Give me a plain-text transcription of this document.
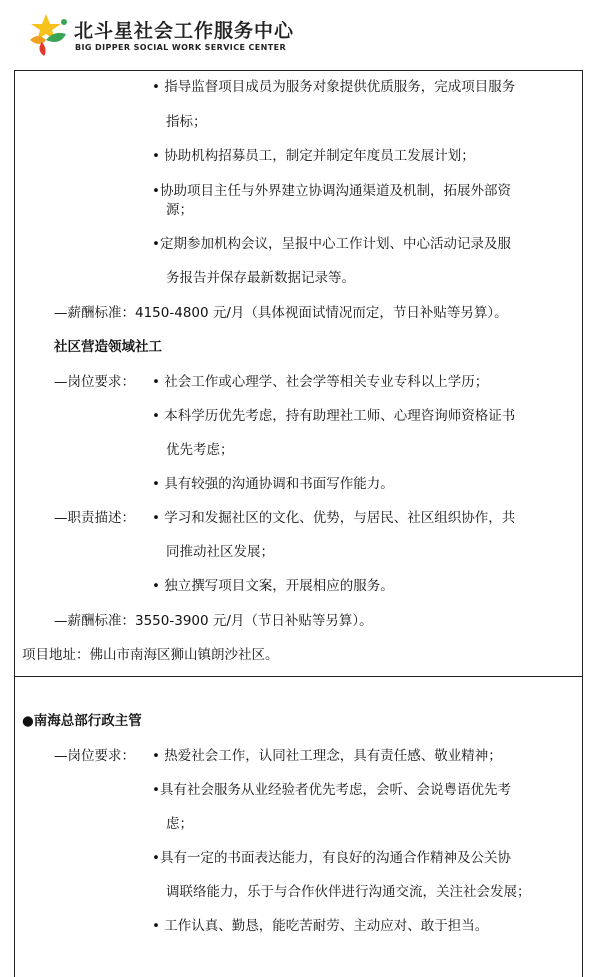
北斗星社会工作服务中心
BIG DIPPER SOCIAL WORK SERVICE CENTER
• 指导监督项目成员为服务对象提供优质服务，完成项目服务
指标；
• 协助机构招募员工，制定并制定年度员工发展计划；
•协助项目主任与外界建立协调沟通渠道及机制，拓展外部资
源；
•定期参加机构会议，呈报中心工作计划、中心活动记录及服
务报告并保存最新数据记录等。
—薪酬标准：4150-4800 元/月（具体视面试情况而定，节日补贴等另算）。
社区营造领域社工
—岗位要求： • 社会工作或心理学、社会学等相关专业专科以上学历；
• 本科学历优先考虑，持有助理社工师、心理咨询师资格证书
优先考虑；
• 具有较强的沟通协调和书面写作能力。
—职责描述： • 学习和发掘社区的文化、优势，与居民、社区组织协作，共
同推动社区发展；
• 独立撰写项目文案，开展相应的服务。
—薪酬标准：3550-3900 元/月（节日补贴等另算）。
项目地址：佛山市南海区狮山镇朗沙社区。
●南海总部行政主管
—岗位要求： • 热爱社会工作，认同社工理念，具有责任感、敬业精神；
•具有社会服务从业经验者优先考虑，会听、会说粤语优先考
虑；
•具有一定的书面表达能力，有良好的沟通合作精神及公关协
调联络能力，乐于与合作伙伴进行沟通交流，关注社会发展；
• 工作认真、勤恳，能吃苦耐劳、主动应对、敢于担当。
